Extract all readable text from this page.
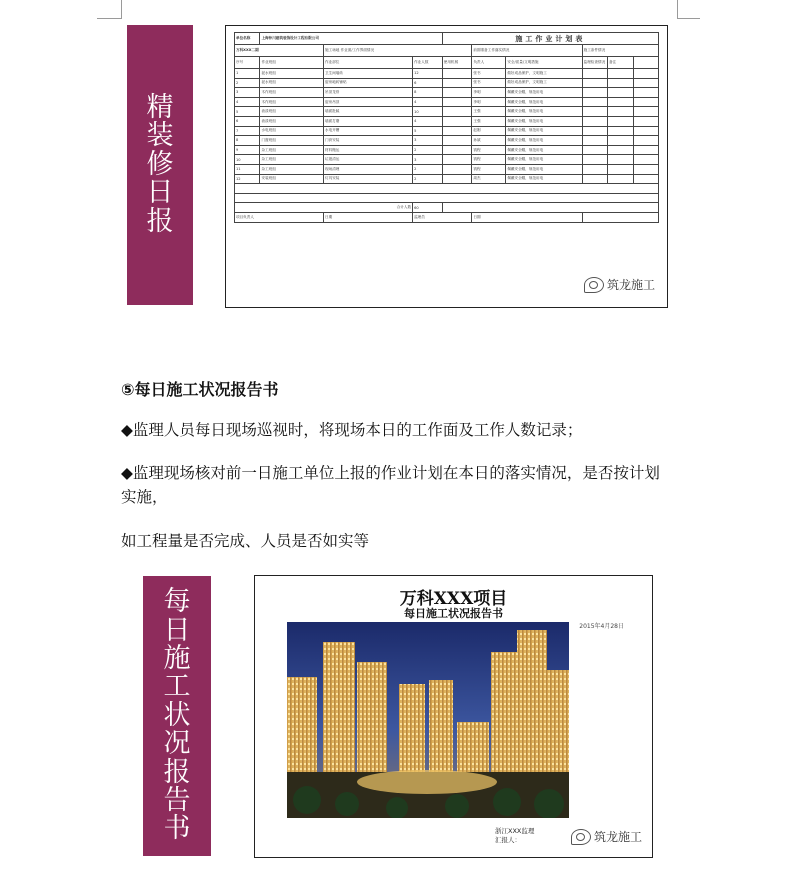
精
装
修
日
报
单位名称	上海仲川建筑装饰设计工程有限公司			施工作业计划表					
万科XXX二期		施工场地 作业面/工作界面情况			前期准备工作落实情况		施工条件情况		
序号	作业班组	作业部位	作业人数	使用机械	负责人	安全/质量/文明措施	监理检查情况	备注	
1	泥水班组	卫生间墙砖	12		张书	做好成品保护，文明施工			
2	泥水班组	厨房地砖铺贴	6		张书	做好成品保护，文明施工			
3	木作班组	吊顶龙骨	8		李明	佩戴安全帽，规范用电			
4	木作班组	厨房吊顶	4		李明	佩戴安全帽，规范用电			
5	油漆班组	墙面批腻	10		王强	佩戴安全帽，规范用电			
6	油漆班组	墙面打磨	4		王强	佩戴安全帽，规范用电			
7	水电班组	水电开槽	5		赵刚	佩戴安全帽，规范用电			
8	门窗班组	门套安装	3		孙斌	佩戴安全帽，规范用电			
9	杂工班组	材料搬运	2		钱程	佩戴安全帽，规范用电			
10	杂工班组	垃圾清运	3		钱程	佩戴安全帽，规范用电			
11	杂工班组	现场清理	2		钱程	佩戴安全帽，规范用电			
12	安装班组	灯具安装	2		周杰	佩戴安全帽，规范用电			

合计人数			60						
项目负责人		日期	监理员		日期				
筑龙施工
⑤每日施工状况报告书
◆监理人员每日现场巡视时，将现场本日的工作面及工作人数记录；
◆监理现场核对前一日施工单位上报的作业计划在本日的落实情况，是否按计划
实施，
如工程量是否完成、人员是否如实等
每
日
施
工
状
况
报
告
书
万科XXX项目
每日施工状况报告书
2015年4月28日
浙江XXX监理
汇报人：	筑龙施工
